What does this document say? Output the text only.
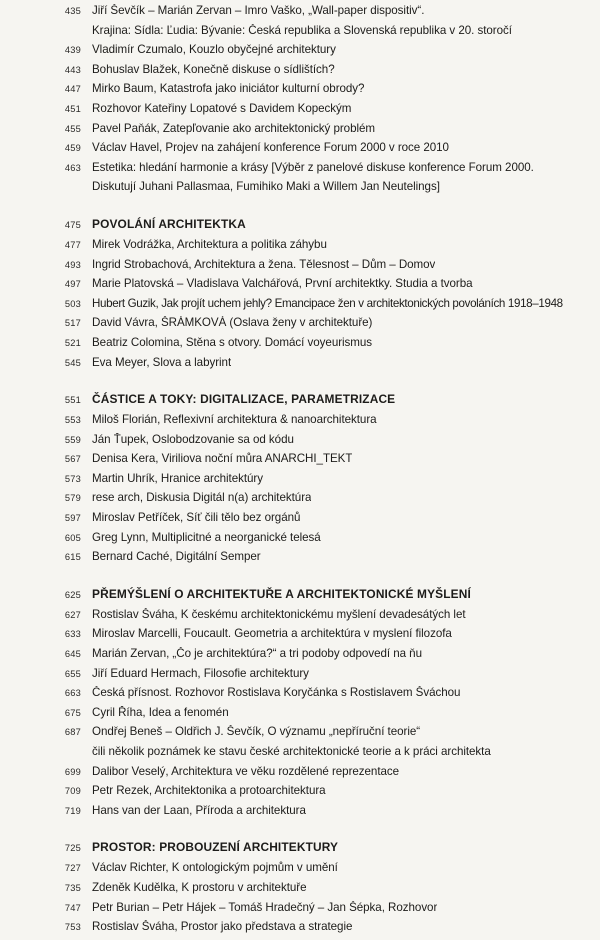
435 Jiří Ševčík – Marián Zervan – Imro Vaško, „Wall-paper dispositiv“.
Krajina: Sídla: Ľudia: Bývanie: Česká republika a Slovenská republika v 20. storočí
439 Vladimír Czumalo, Kouzlo obyčejné architektury
443 Bohuslav Blažek, Konečně diskuse o sídlištích?
447 Mirko Baum, Katastrofa jako iniciátor kulturní obrody?
451 Rozhovor Kateřiny Lopatové s Davidem Kopeckým
455 Pavel Paňák, Zatepľovanie ako architektonický problém
459 Václav Havel, Projev na zahájení konference Forum 2000 v roce 2010
463 Estetika: hledání harmonie a krásy [Výběr z panelové diskuse konference Forum 2000.
Diskutují Juhani Pallasmaa, Fumihiko Maki a Willem Jan Neutelings]
475 POVOLÁNÍ ARCHITEKTKA
477 Mirek Vodrážka, Architektura a politika záhybu
493 Ingrid Strobachová, Architektura a žena. Tělesnost – Dům – Domov
497 Marie Platovská – Vladislava Valchářová, První architektky. Studia a tvorba
503 Hubert Guzik, Jak projít uchem jehly? Emancipace žen v architektonických povoláních 1918–1948
517 David Vávra, ŠRÁMKOVÁ (Oslava ženy v architektuře)
521 Beatriz Colomina, Stěna s otvory. Domácí voyeurismus
545 Eva Meyer, Slova a labyrint
551 ČÁSTICE A TOKY: DIGITALIZACE, PARAMETRIZACE
553 Miloš Florián, Reflexivní architektura & nanoarchitektura
559 Ján Ťupek, Oslobodzovanie sa od kódu
567 Denisa Kera, Viriliova noční můra ANARCHI_TEKT
573 Martin Uhrík, Hranice architektúry
579 rese arch, Diskusia Digitál n(a) architektúra
597 Miroslav Petříček, Síť čili tělo bez orgánů
605 Greg Lynn, Multiplicitné a neorganické telesá
615 Bernard Caché, Digitální Semper
625 PŘEMÝŠLENÍ O ARCHITEKTUŘE A ARCHITEKTONICKÉ MYŠLENÍ
627 Rostislav Šváha, K českému architektonickému myšlení devadesátých let
633 Miroslav Marcelli, Foucault. Geometria a architektúra v myslení filozofa
645 Marián Zervan, „Čo je architektúra?“ a tri podoby odpovedí na ňu
655 Jiří Eduard Hermach, Filosofie architektury
663 Česká přísnost. Rozhovor Rostislava Koryčánka s Rostislavem Šváchou
675 Cyril Říha, Idea a fenomén
687 Ondřej Beneš – Oldřich J. Ševčík, O významu „nepříruční teorie“
čili několik poznámek ke stavu české architektonické teorie a k práci architekta
699 Dalibor Veselý, Architektura ve věku rozdělené reprezentace
709 Petr Rezek, Architektonika a protoarchitektura
719 Hans van der Laan, Příroda a architektura
725 PROSTOR: PROBOUZENÍ ARCHITEKTURY
727 Václav Richter, K ontologickým pojmům v umění
735 Zdeněk Kudělka, K prostoru v architektuře
747 Petr Burian – Petr Hájek – Tomáš Hradečný – Jan Šépka, Rozhovor
753 Rostislav Šváha, Prostor jako představa a strategie
